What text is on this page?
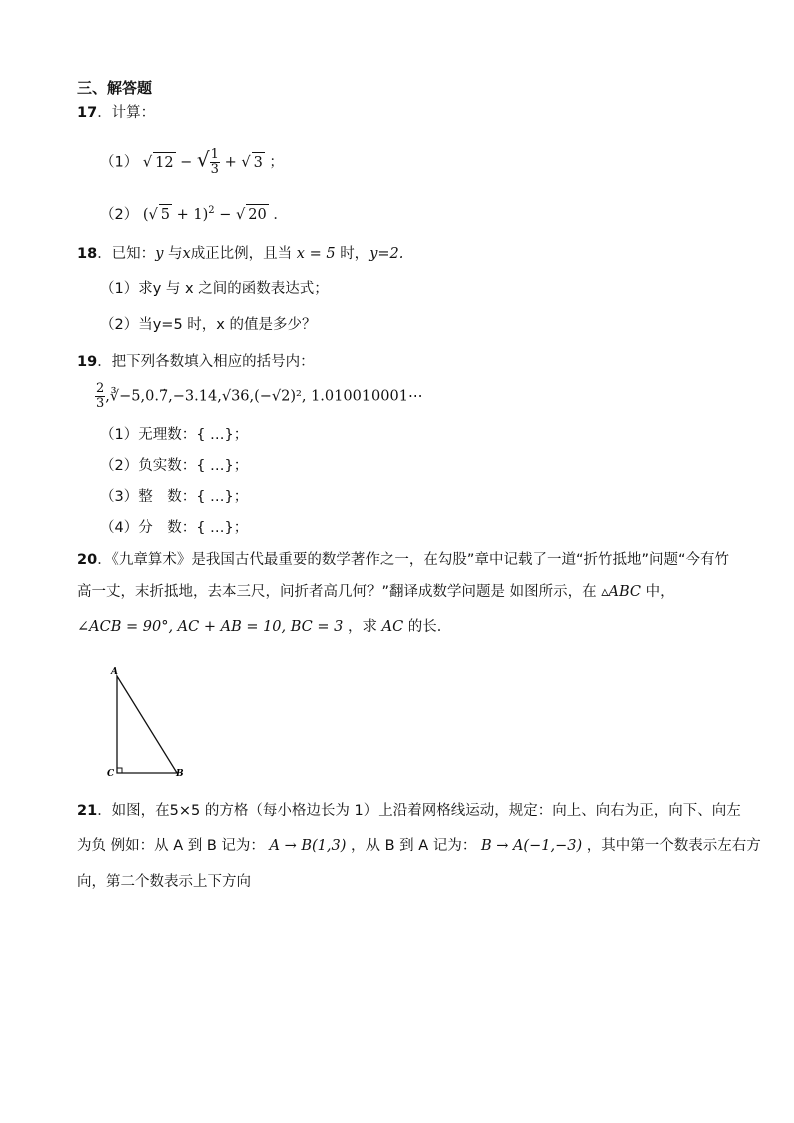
三、解答题
17．计算：
（1） √ 12 − √ $\frac{1}{3}$ + √ 3 ；
（2） (√ 5 + 1)$^2$ − √ 20 ．
18．已知：y 与x成正比例，且当 x = 5 时，y=2.
（1）求y 与 x 之间的函数表达式；
（2）当y=5 时，x 的值是多少？
19．把下列各数填入相应的括号内：
$\frac{2}{3}$ ,∛−5,0.7̇,−3.14,√36,(−√2)², 1.010010001⋯
（1）无理数：{ …}；
（2）负实数：{ …}；
（3）整　数：{ …}；
（4）分　数：{ …}；
20．《九章算术》是我国古代最重要的数学著作之一，在勾股”章中记载了一道“折竹抵地”问题“今有竹
高一丈，末折抵地，去本三尺，问折者高几何？”翻译成数学问题是 如图所示，在 ▵ABC 中，
∠ACB = 90°, AC + AB = 10, BC = 3 ，求 AC 的长．
A
C	B
21．如图，在5×5 的方格（每小格边长为 1）上沿着网格线运动，规定：向上、向右为正，向下、向左
为负 例如：从 A 到 B 记为： A → B(1,3) ，从 B 到 A 记为： B → A(−1,−3) ，其中第一个数表示左右方
向，第二个数表示上下方向
